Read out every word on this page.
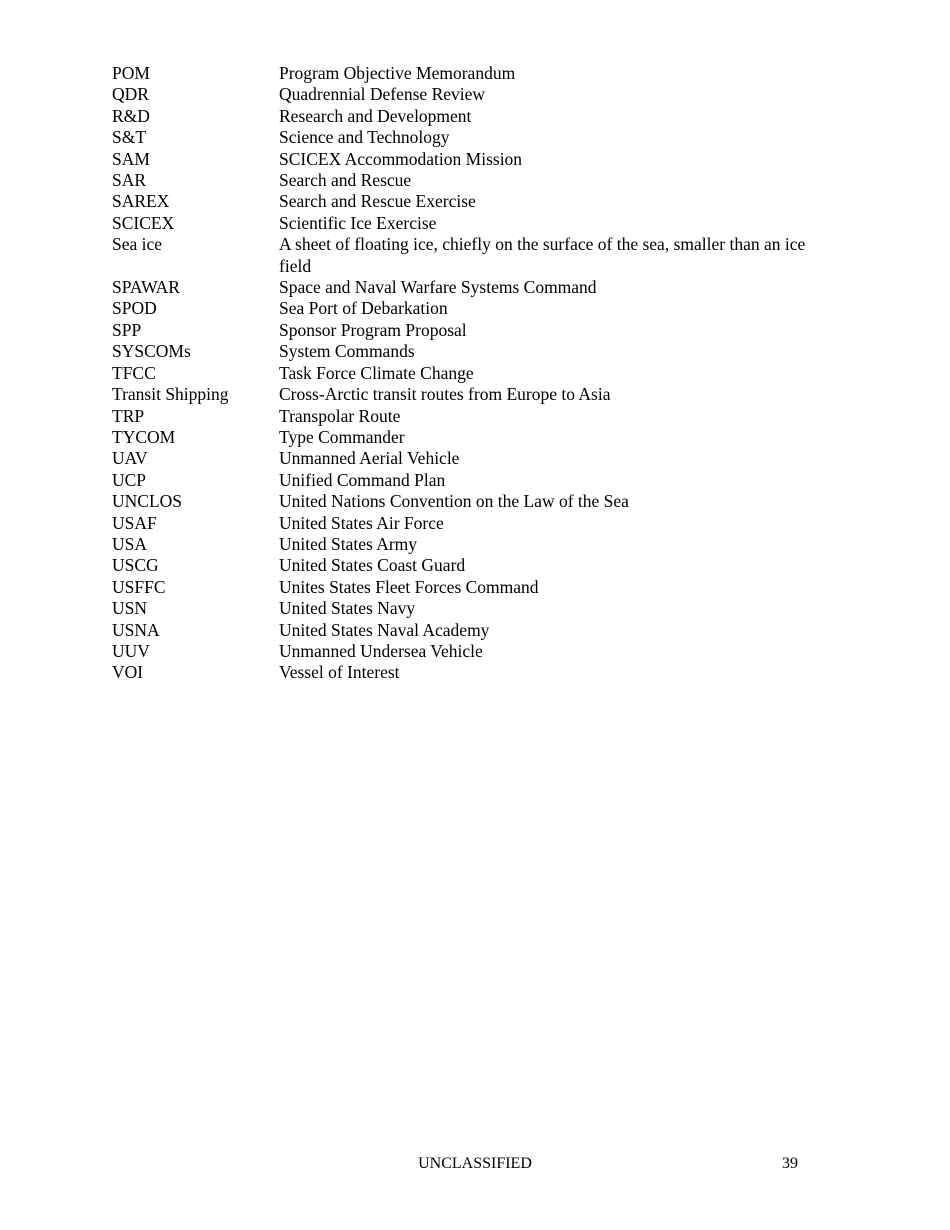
POM	Program Objective Memorandum
QDR	Quadrennial Defense Review
R&D	Research and Development
S&T	Science and Technology
SAM	SCICEX Accommodation Mission
SAR	Search and Rescue
SAREX	Search and Rescue Exercise
SCICEX	Scientific Ice Exercise
Sea ice	A sheet of floating ice, chiefly on the surface of the sea, smaller than an ice field
SPAWAR	Space and Naval Warfare Systems Command
SPOD	Sea Port of Debarkation
SPP	Sponsor Program Proposal
SYSCOMs	System Commands
TFCC	Task Force Climate Change
Transit Shipping	Cross-Arctic transit routes from Europe to Asia
TRP	Transpolar Route
TYCOM	Type Commander
UAV	Unmanned Aerial Vehicle
UCP	Unified Command Plan
UNCLOS	United Nations Convention on the Law of the Sea
USAF	United States Air Force
USA	United States Army
USCG	United States Coast Guard
USFFC	Unites States Fleet Forces Command
USN	United States Navy
USNA	United States Naval Academy
UUV	Unmanned Undersea Vehicle
VOI	Vessel of Interest
UNCLASSIFIED	39
